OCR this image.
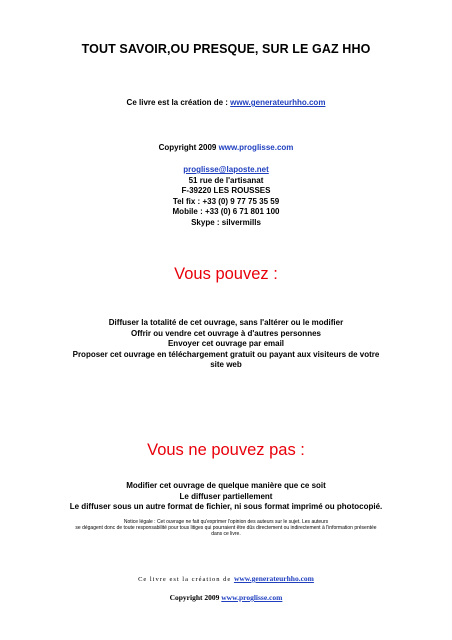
TOUT SAVOIR,OU PRESQUE, SUR LE GAZ HHO
Ce livre est la création de : www.generateurhho.com
Copyright 2009 www.proglisse.com
proglisse@laposte.net
51 rue de l'artisanat
F-39220 LES ROUSSES
Tel fix : +33 (0) 9 77 75 35 59
Mobile : +33 (0) 6 71 801 100
Skype : silvermills
Vous pouvez :
Diffuser la totalité de cet ouvrage, sans l'altérer ou le modifier
Offrir ou vendre cet ouvrage à d'autres personnes
Envoyer cet ouvrage par email
Proposer cet ouvrage en téléchargement gratuit ou payant aux visiteurs de votre
site web
Vous ne pouvez pas :
Modifier cet ouvrage de quelque manière que ce soit
Le diffuser partiellement
Le diffuser sous un autre format de fichier, ni sous format imprimé ou photocopié.
Notice légale : Cet ouvrage ne fait qu'exprimer l'opinion des auteurs sur le sujet. Les auteurs
se dégagent donc de toute responsabilité pour tous litiges qui pourraient être dûs directement ou indirectement à l'information présentée
dans ce livre.
Ce livre est la création de www.generateurhho.com
Copyright 2009 www.proglisse.com
